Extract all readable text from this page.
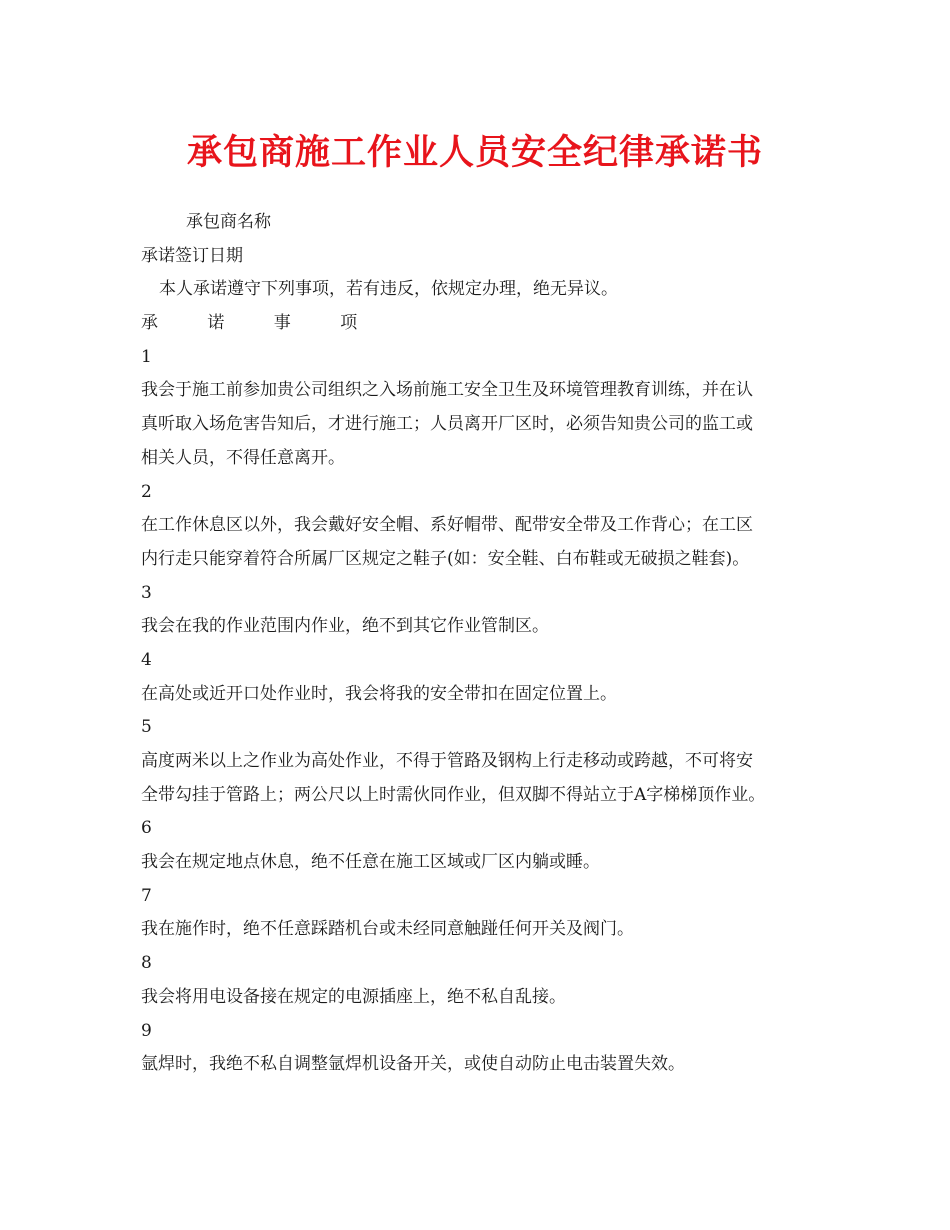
承包商施工作业人员安全纪律承诺书
承包商名称
承诺签订日期
本人承诺遵守下列事项，若有违反，依规定办理，绝无异议。
承 诺 事 项
1
我会于施工前参加贵公司组织之入场前施工安全卫生及环境管理教育训练，并在认
真听取入场危害告知后，才进行施工；人员离开厂区时，必须告知贵公司的监工或
相关人员，不得任意离开。
2
在工作休息区以外，我会戴好安全帽、系好帽带、配带安全带及工作背心；在工区
内行走只能穿着符合所属厂区规定之鞋子(如：安全鞋、白布鞋或无破损之鞋套)。
3
我会在我的作业范围内作业，绝不到其它作业管制区。
4
在高处或近开口处作业时，我会将我的安全带扣在固定位置上。
5
高度两米以上之作业为高处作业，不得于管路及钢构上行走移动或跨越，不可将安
全带勾挂于管路上；两公尺以上时需伙同作业，但双脚不得站立于A字梯梯顶作业。
6
我会在规定地点休息，绝不任意在施工区域或厂区内躺或睡。
7
我在施作时，绝不任意踩踏机台或未经同意触踫任何开关及阀门。
8
我会将用电设备接在规定的电源插座上，绝不私自乱接。
9
氩焊时，我绝不私自调整氩焊机设备开关，或使自动防止电击装置失效。
